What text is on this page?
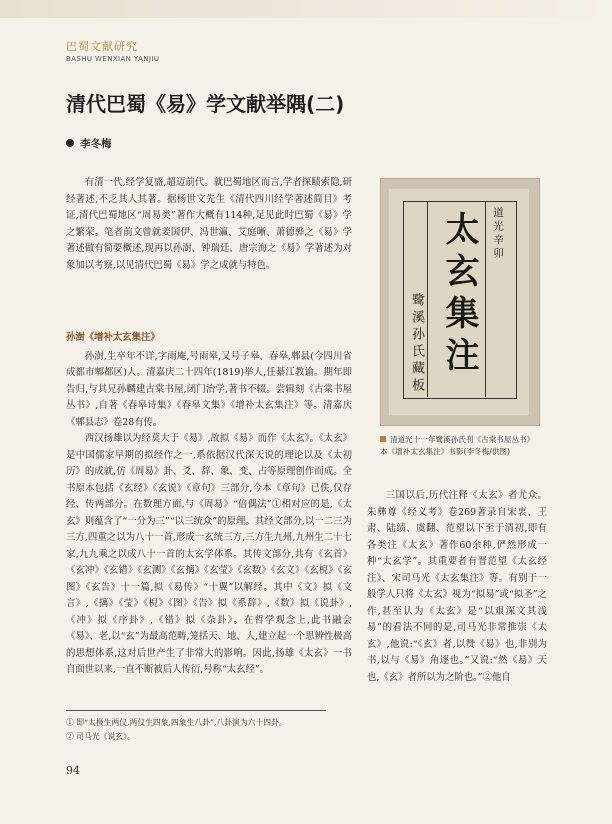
巴蜀文献研究
BASHU WENXIAN YANJIU
清代巴蜀《易》学文献举隅(二)
李冬梅

有清一代,经学复盛,超迈前代。就巴蜀地区而言,学者探赜索隐,研经著述,不乏其人其著。据杨世文先生《清代四川经学著述简目》考证,清代巴蜀地区“周易类”著作大概有114种,足见此时巴蜀《易》学之繁荣。笔者前文曾就姜国伊、冯世瀛、艾庭晰、萧德骅之《易》学著述做有简要概述,现再以孙澍、钟瑞廷、唐宗海之《易》学著述为对象加以考察,以见清代巴蜀《易》学之成就与特色。

孙澍《增补太玄集注》

孙澍,生卒年不详,字雨庵,号雨皋,又号子皋、春皋,郫县(今四川省成都市郫都区)人。清嘉庆二十四年(1819)举人,任綦江教谕。期年即告归,与其兄孙麟建古棠书屋,闭门治学,著书不辍。尝辑刻《古棠书屋丛书》,自著《春皋诗集》《春皋文集》《增补太玄集注》等。清嘉庆《郫县志》卷28有传。

西汉扬雄以为经莫大于《易》,故拟《易》而作《太玄》。《太玄》是中国儒家早期的拟经作之一,系依据汉代深天说的理论以及《太初历》的成就,仿《周易》卦、爻、辞、象、变、占等原理创作而成。全书原本包括《玄经》《玄说》《章句》三部分,今本《章句》已佚,仅存经、传两部分。在数理方面,与《周易》“倍偶法”①相对应的是,《太玄》则蕴含了“一分为三”“以三统众”的原理。其经文部分,以一二三为三方,四重之以为八十一首,形成一玄统三方,三方生九州,九州生二十七家,九九乘之以成八十一首的太玄学体系。其传文部分,共有《玄首》《玄冲》《玄错》《玄测》《玄摛》《玄莹》《玄数》《玄文》《玄棿》《玄图》《玄告》十一篇,拟《易传》“十翼”以解经。其中《文》拟《文言》,《摛》《莹》《棿》《图》《告》拟《系辞》,《数》拟《说卦》,《冲》拟《序卦》,《错》拟《杂卦》。在哲学观念上,此书融会《易》、老,以“玄”为最高范畴,笼括天、地、人,建立起一个思辨性极高的思想体系,这对后世产生了非常大的影响。因此,扬雄《太玄》一书自面世以来,一直不断被后人传衍,号称“太玄经”。

道光辛卯
太玄集注
鹭溪孙氏藏板
清道光十一年鹭溪孙氏刊《古棠书屋丛书》本《增补太玄集注》书影(李冬梅/供图)

三国以后,历代注释《太玄》者尤众。朱彝尊《经义考》卷269著录自宋衷、王肃、陆绩、虞翻、范望以下至于清初,即有各类注《太玄》著作60余种,俨然形成一种“太玄学”。其重要者有晋范望《太玄经注》、宋司马光《太玄集注》等。有别于一般学人只将《太玄》视为“拟易”或“拟圣”之作,甚至认为《太玄》是“以艰深文其浅易”的看法不同的是,司马光非常推崇《太玄》,他说:“《玄》者,以赞《易》也,非别为书,以与《易》角逐也。”又说:“然《易》天也,《玄》者所以为之阶也。”②他自

① 即“太极生两仪,两仪生四象,四象生八卦”,八卦演为六十四卦。
② 司马光《说玄》。
94
